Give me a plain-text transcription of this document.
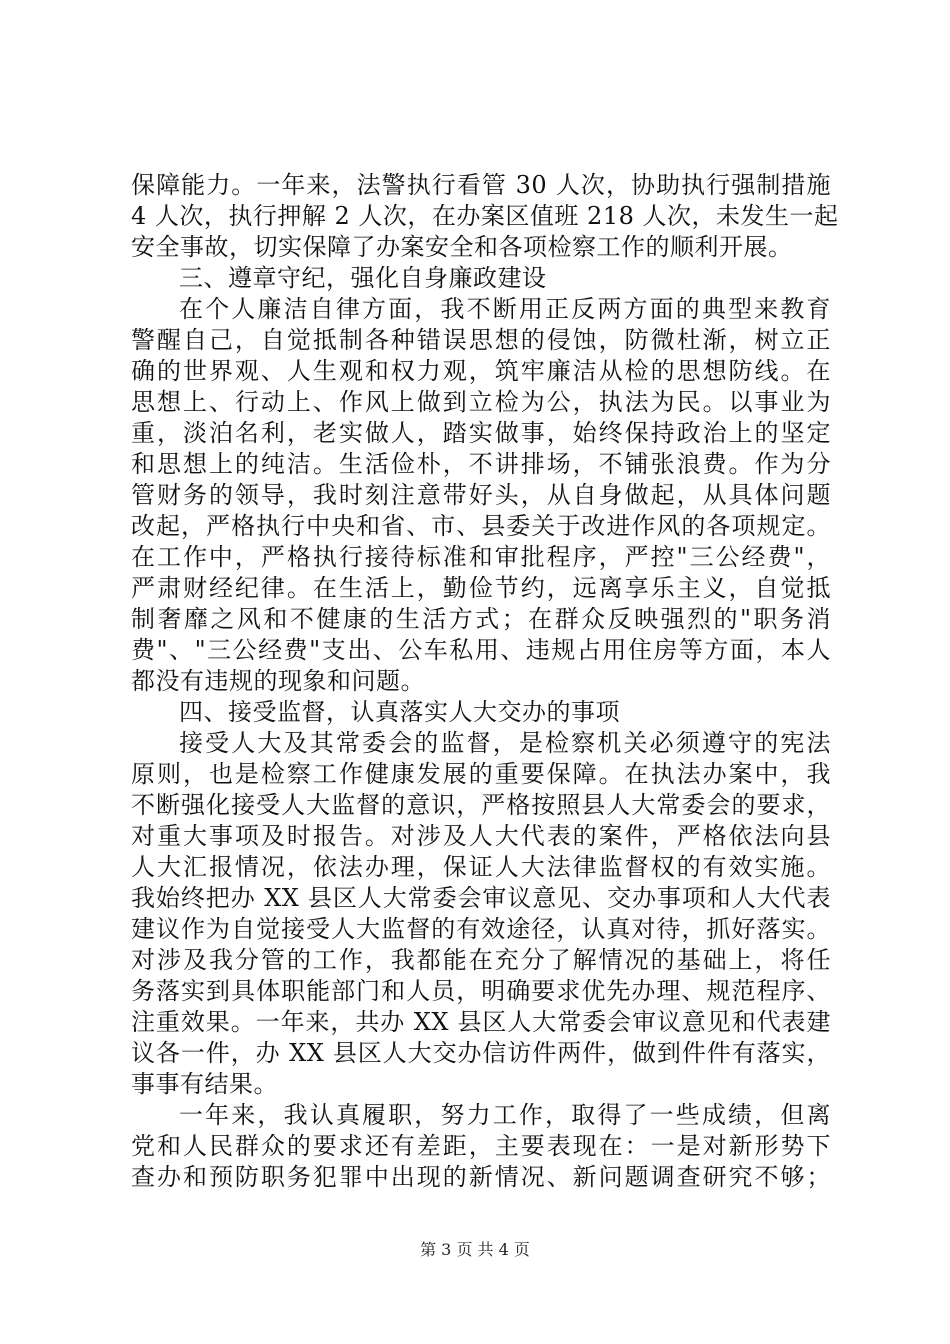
保障能力。一年来，法警执行看管 30 人次，协助执行强制措施
4 人次，执行押解 2 人次，在办案区值班 218 人次，未发生一起
安全事故，切实保障了办案安全和各项检察工作的顺利开展。
三、遵章守纪，强化自身廉政建设
在个人廉洁自律方面，我不断用正反两方面的典型来教育
警醒自己，自觉抵制各种错误思想的侵蚀，防微杜渐，树立正
确的世界观、人生观和权力观，筑牢廉洁从检的思想防线。在
思想上、行动上、作风上做到立检为公，执法为民。以事业为
重，淡泊名利，老实做人，踏实做事，始终保持政治上的坚定
和思想上的纯洁。生活俭朴，不讲排场，不铺张浪费。作为分
管财务的领导，我时刻注意带好头，从自身做起，从具体问题
改起，严格执行中央和省、市、县委关于改进作风的各项规定。
在工作中，严格执行接待标准和审批程序，严控"三公经费"，
严肃财经纪律。在生活上，勤俭节约，远离享乐主义，自觉抵
制奢靡之风和不健康的生活方式；在群众反映强烈的"职务消
费"、"三公经费"支出、公车私用、违规占用住房等方面，本人
都没有违规的现象和问题。
四、接受监督，认真落实人大交办的事项
接受人大及其常委会的监督，是检察机关必须遵守的宪法
原则，也是检察工作健康发展的重要保障。在执法办案中，我
不断强化接受人大监督的意识，严格按照县人大常委会的要求，
对重大事项及时报告。对涉及人大代表的案件，严格依法向县
人大汇报情况，依法办理，保证人大法律监督权的有效实施。
我始终把办 XX 县区人大常委会审议意见、交办事项和人大代表
建议作为自觉接受人大监督的有效途径，认真对待，抓好落实。
对涉及我分管的工作，我都能在充分了解情况的基础上，将任
务落实到具体职能部门和人员，明确要求优先办理、规范程序、
注重效果。一年来，共办 XX 县区人大常委会审议意见和代表建
议各一件，办 XX 县区人大交办信访件两件，做到件件有落实，
事事有结果。
一年来，我认真履职，努力工作，取得了一些成绩，但离
党和人民群众的要求还有差距，主要表现在：一是对新形势下
查办和预防职务犯罪中出现的新情况、新问题调查研究不够；
第 3 页 共 4 页
